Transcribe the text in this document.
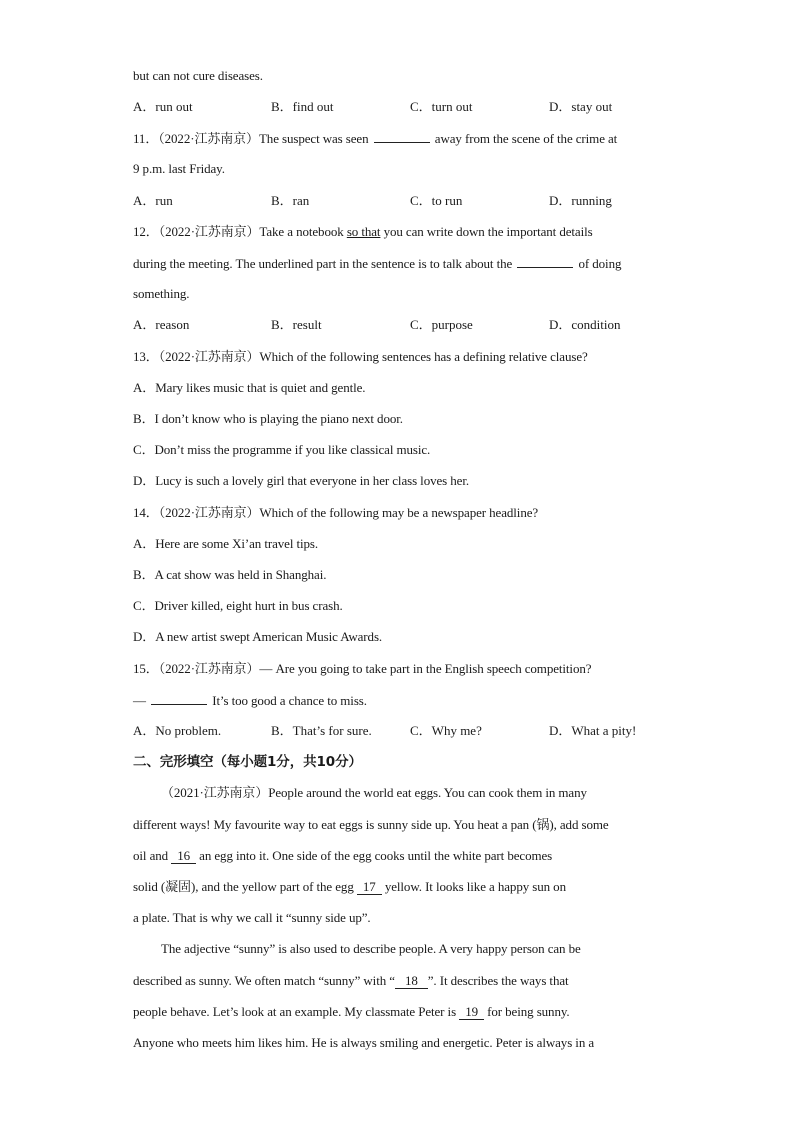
but can not cure diseases.
A．run out	B．find out	C．turn out	D．stay out
11．（2022·江苏南京）The suspect was seen	away from the scene of the crime at
9 p.m. last Friday.
A．run	B．ran	C．to run	D．running
12．（2022·江苏南京）Take a notebook so that you can write down the important details
during the meeting. The underlined part in the sentence is to talk about the	of doing
something.
A．reason	B．result	C．purpose	D．condition
13．（2022·江苏南京）Which of the following sentences has a defining relative clause?
A．Mary likes music that is quiet and gentle.
B．I don’t know who is playing the piano next door.
C．Don’t miss the programme if you like classical music.
D．Lucy is such a lovely girl that everyone in her class loves her.
14．（2022·江苏南京）Which of the following may be a newspaper headline?
A．Here are some Xi’an travel tips.
B．A cat show was held in Shanghai.
C．Driver killed, eight hurt in bus crash.
D．A new artist swept American Music Awards.
15．（2022·江苏南京）— Are you going to take part in the English speech competition?
—	It’s too good a chance to miss.
A．No problem.	B．That’s for sure.	C．Why me?	D．What a pity!
二、完形填空（每小题1分，共10分）
（2021·江苏南京）People around the world eat eggs. You can cook them in many
different ways! My favourite way to eat eggs is sunny side up. You heat a pan (锅), add some
oil and 16 an egg into it. One side of the egg cooks until the white part becomes
solid (凝固), and the yellow part of the egg 17 yellow. It looks like a happy sun on
a plate. That is why we call it “sunny side up”.
The adjective “sunny” is also used to describe people. A very happy person can be
described as sunny. We often match “sunny” with “ 18 ”. It describes the ways that
people behave. Let’s look at an example. My classmate Peter is 19 for being sunny.
Anyone who meets him likes him. He is always smiling and energetic. Peter is always in a
